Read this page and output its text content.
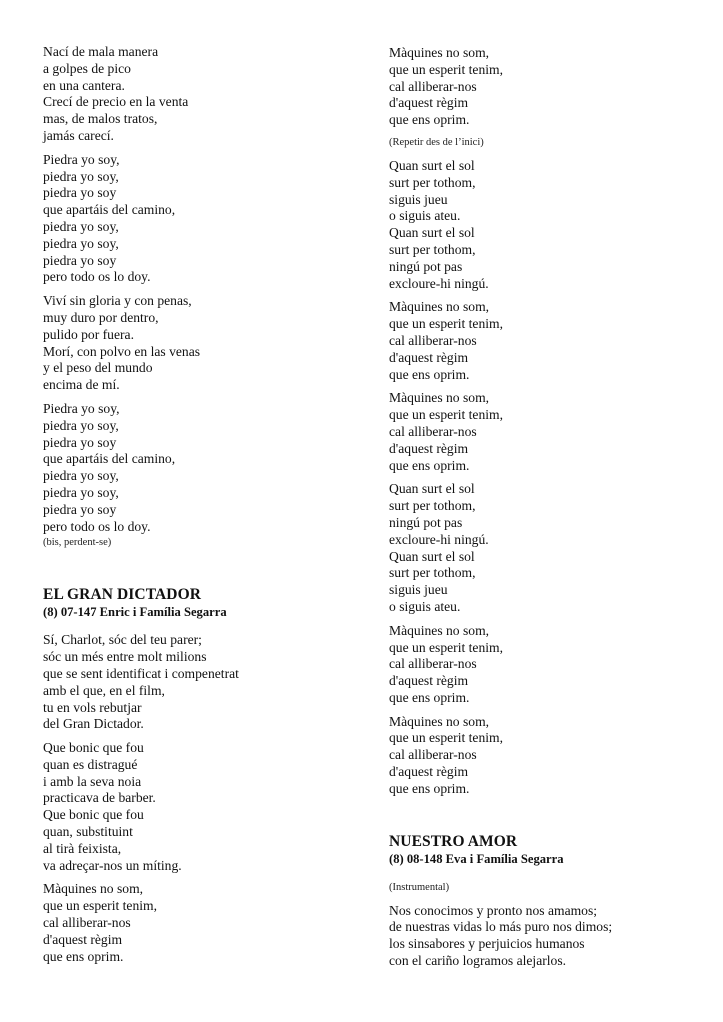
Nací de mala manera
a golpes de pico
en una cantera.
Crecí de precio en la venta
mas, de malos tratos,
jamás carecí.
Piedra yo soy,
piedra yo soy,
piedra yo soy
que apartáis del camino,
piedra yo soy,
piedra yo soy,
piedra yo soy
pero todo os lo doy.
Viví sin gloria y con penas,
muy duro por dentro,
pulido por fuera.
Morí, con polvo en las venas
y el peso del mundo
encima de mí.
Piedra yo soy,
piedra yo soy,
piedra yo soy
que apartáis del camino,
piedra yo soy,
piedra yo soy,
piedra yo soy
pero todo os lo doy.
(bis, perdent-se)
EL GRAN DICTADOR
(8) 07-147 Enric i Família Segarra
Sí, Charlot, sóc del teu parer;
sóc un més entre molt milions
que se sent identificat i compenetrat
amb el que, en el film,
tu en vols rebutjar
del Gran Dictador.
Que bonic que fou
quan es distragué
i amb la seva noia
practicava de barber.
Que bonic que fou
quan, substituint
al tirà feixista,
va adreçar-nos un míting.
Màquines no som,
que un esperit tenim,
cal alliberar-nos
d'aquest règim
que ens oprim.
Màquines no som,
que un esperit tenim,
cal alliberar-nos
d'aquest règim
que ens oprim.
(Repetir des de l’inici)
Quan surt el sol
surt per tothom,
siguis jueu
o siguis ateu.
Quan surt el sol
surt per tothom,
ningú pot pas
excloure-hi ningú.
Màquines no som,
que un esperit tenim,
cal alliberar-nos
d'aquest règim
que ens oprim.
Màquines no som,
que un esperit tenim,
cal alliberar-nos
d'aquest règim
que ens oprim.
Quan surt el sol
surt per tothom,
ningú pot pas
excloure-hi ningú.
Quan surt el sol
surt per tothom,
siguis jueu
o siguis ateu.
Màquines no som,
que un esperit tenim,
cal alliberar-nos
d'aquest règim
que ens oprim.
Màquines no som,
que un esperit tenim,
cal alliberar-nos
d'aquest règim
que ens oprim.
NUESTRO AMOR
(8) 08-148 Eva i Família Segarra
(Instrumental)
Nos conocimos y pronto nos amamos;
de nuestras vidas lo más puro nos dimos;
los sinsabores y perjuicios humanos
con el cariño logramos alejarlos.
